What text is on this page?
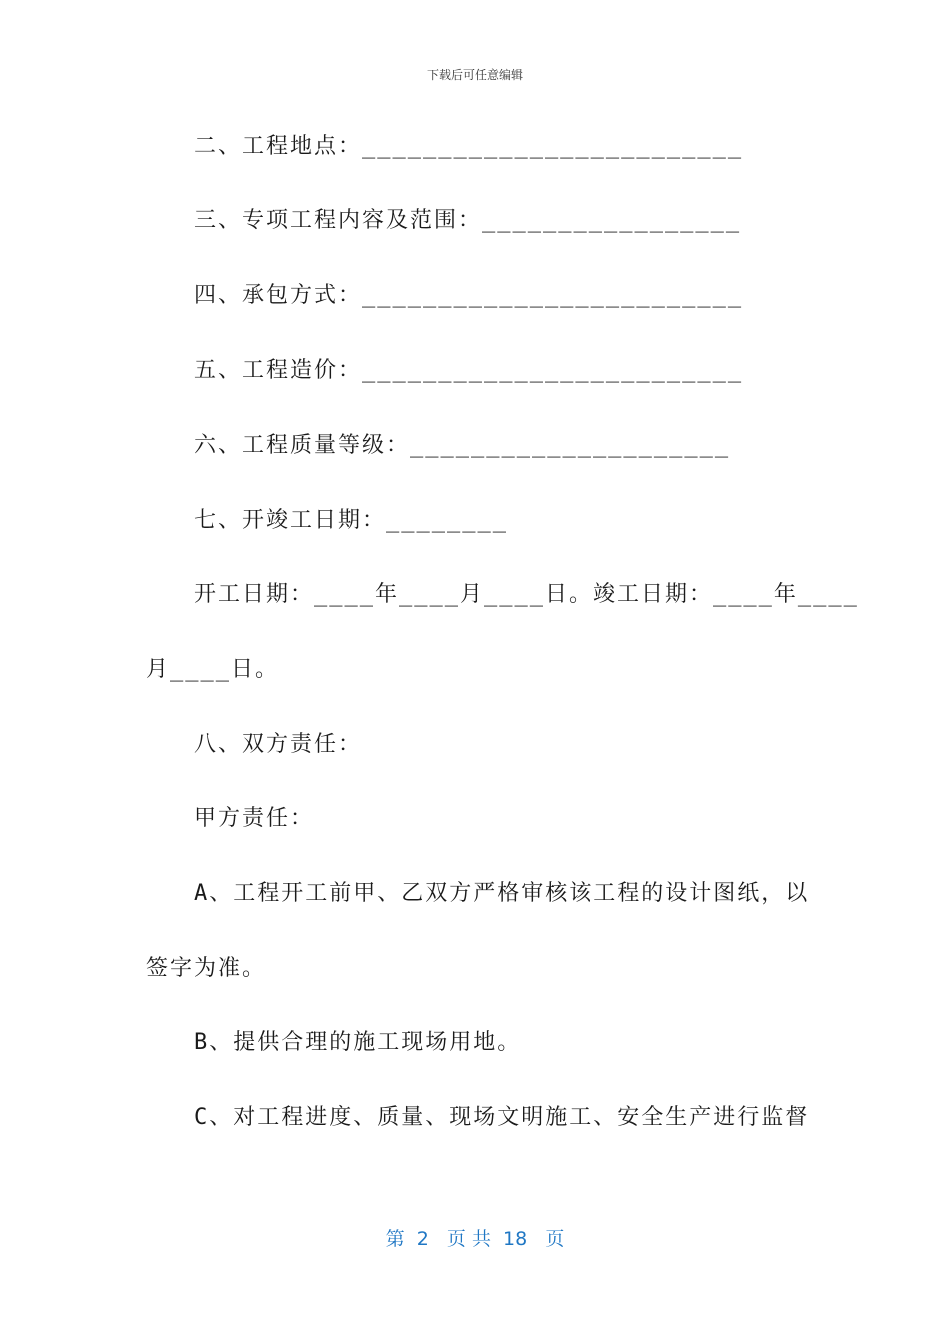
下载后可任意编辑
二、工程地点：_________________________
三、专项工程内容及范围：_________________
四、承包方式：_________________________
五、工程造价：_________________________
六、工程质量等级：_____________________
七、开竣工日期：________
开工日期：____年____月____日。竣工日期：____年____
月____日。
八、双方责任：
甲方责任：
A、工程开工前甲、乙双方严格审核该工程的设计图纸，以
签字为准。
B、提供合理的施工现场用地。
C、对工程进度、质量、现场文明施工、安全生产进行监督
第  2   页 共  18   页
